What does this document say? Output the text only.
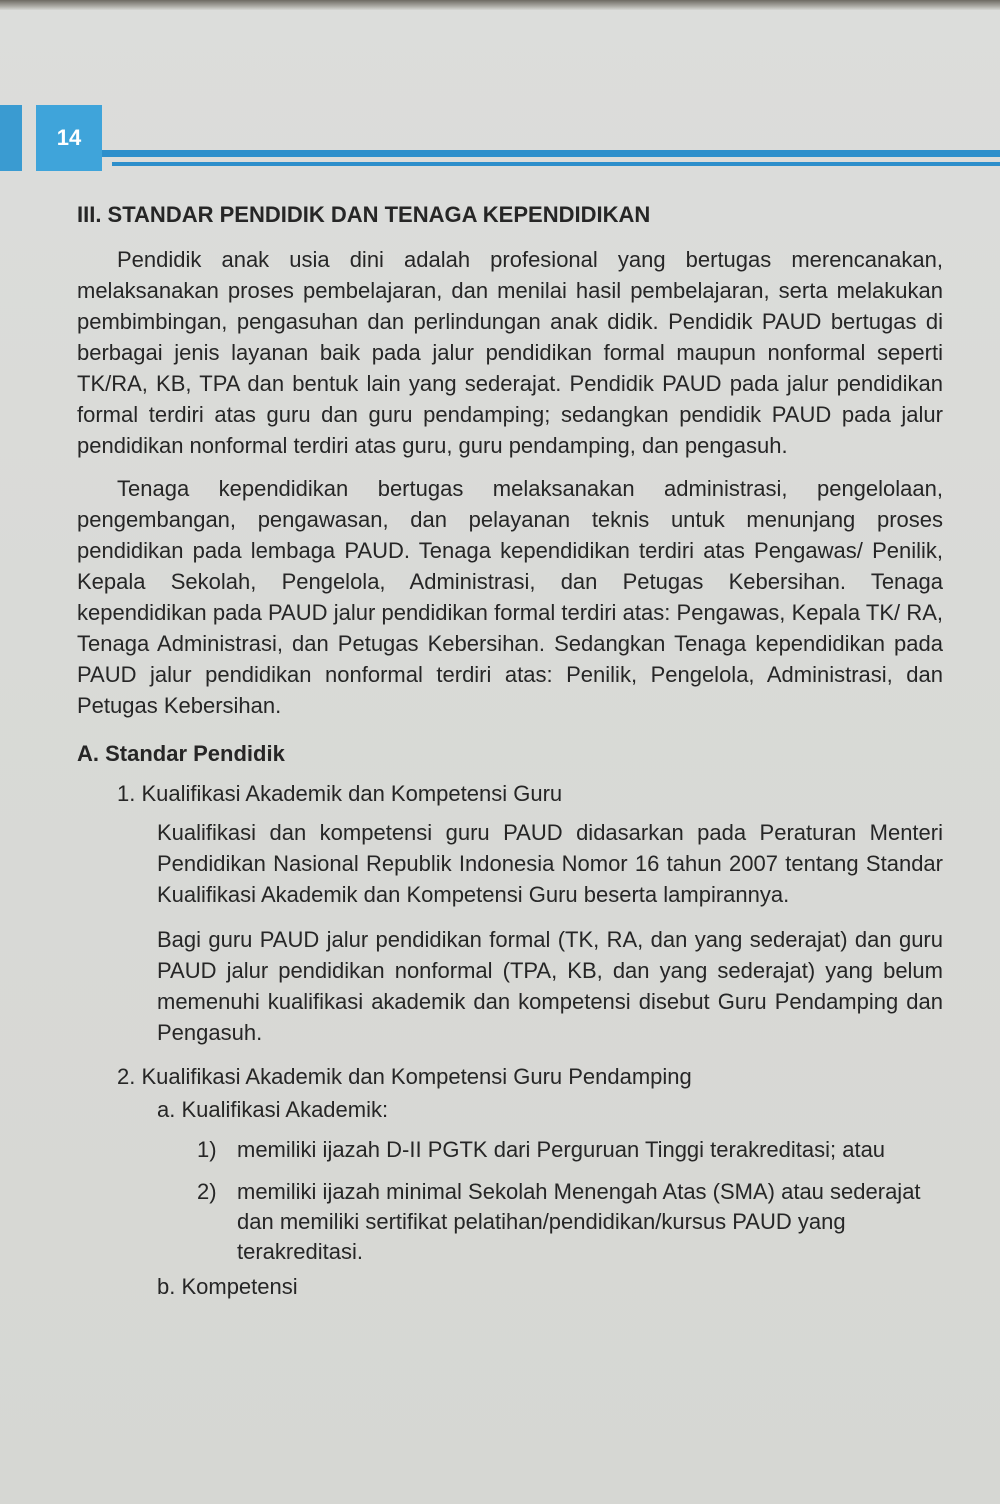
14
III. STANDAR PENDIDIK DAN TENAGA KEPENDIDIKAN

Pendidik anak usia dini adalah profesional yang bertugas merencanakan, melaksanakan proses pembelajaran, dan menilai hasil pembelajaran, serta melakukan pembimbingan, pengasuhan dan perlindungan anak didik. Pendidik PAUD bertugas di berbagai jenis layanan baik pada jalur pendidikan formal maupun nonformal seperti TK/RA, KB, TPA dan bentuk lain yang sederajat. Pendidik PAUD pada jalur pendidikan formal terdiri atas guru dan guru pendamping; sedangkan pendidik PAUD pada jalur pendidikan nonformal terdiri atas guru, guru pendamping, dan pengasuh.

Tenaga kependidikan bertugas melaksanakan administrasi, pengelolaan, pengembangan, pengawasan, dan pelayanan teknis untuk menunjang proses pendidikan pada lembaga PAUD. Tenaga kependidikan terdiri atas Pengawas/ Penilik, Kepala Sekolah, Pengelola, Administrasi, dan Petugas Kebersihan. Tenaga kependidikan pada PAUD jalur pendidikan formal terdiri atas: Pengawas, Kepala TK/ RA, Tenaga Administrasi, dan Petugas Kebersihan. Sedangkan Tenaga kependidikan pada PAUD jalur pendidikan nonformal terdiri atas: Penilik, Pengelola, Administrasi, dan Petugas Kebersihan.

A. Standar Pendidik
1. Kualifikasi Akademik dan Kompetensi Guru

Kualifikasi dan kompetensi guru PAUD didasarkan pada Peraturan Menteri Pendidikan Nasional Republik Indonesia Nomor 16 tahun 2007 tentang Standar Kualifikasi Akademik dan Kompetensi Guru beserta lampirannya.

Bagi guru PAUD jalur pendidikan formal (TK, RA, dan yang sederajat) dan guru PAUD jalur pendidikan nonformal (TPA, KB, dan yang sederajat) yang belum memenuhi kualifikasi akademik dan kompetensi disebut Guru Pendamping dan Pengasuh.

2. Kualifikasi Akademik dan Kompetensi Guru Pendamping
a. Kualifikasi Akademik:
1) memiliki ijazah D-II PGTK dari Perguruan Tinggi terakreditasi; atau
2) memiliki ijazah minimal Sekolah Menengah Atas (SMA) atau sederajat dan memiliki sertifikat pelatihan/pendidikan/kursus PAUD yang terakreditasi.
b. Kompetensi
